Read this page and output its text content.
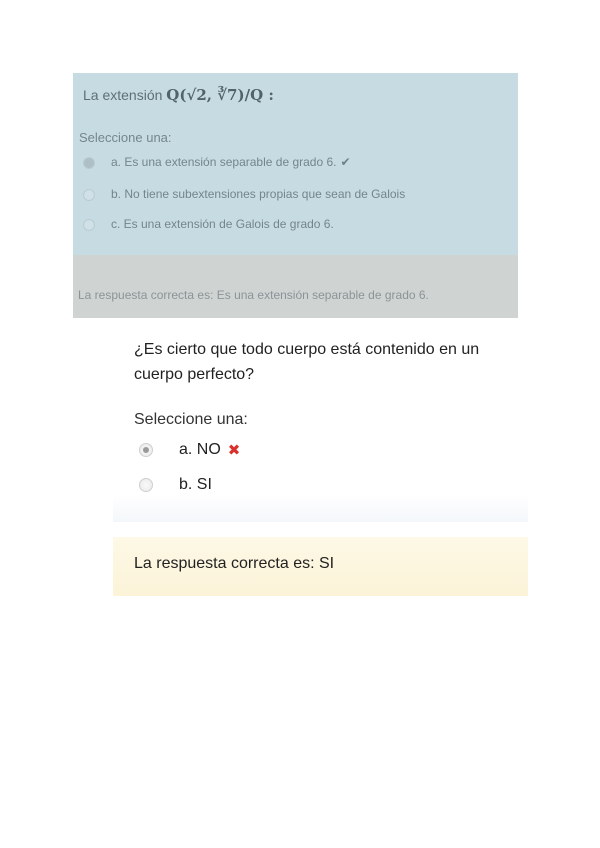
La extensión Q(√2, ∛7)/Q :
Seleccione una:
a. Es una extensión separable de grado 6. ✔
b. No tiene subextensiones propias que sean de Galois
c. Es una extensión de Galois de grado 6.
La respuesta correcta es: Es una extensión separable de grado 6.
¿Es cierto que todo cuerpo está contenido en un cuerpo perfecto?
Seleccione una:
a. NO ✖
b. SI
La respuesta correcta es: SI
